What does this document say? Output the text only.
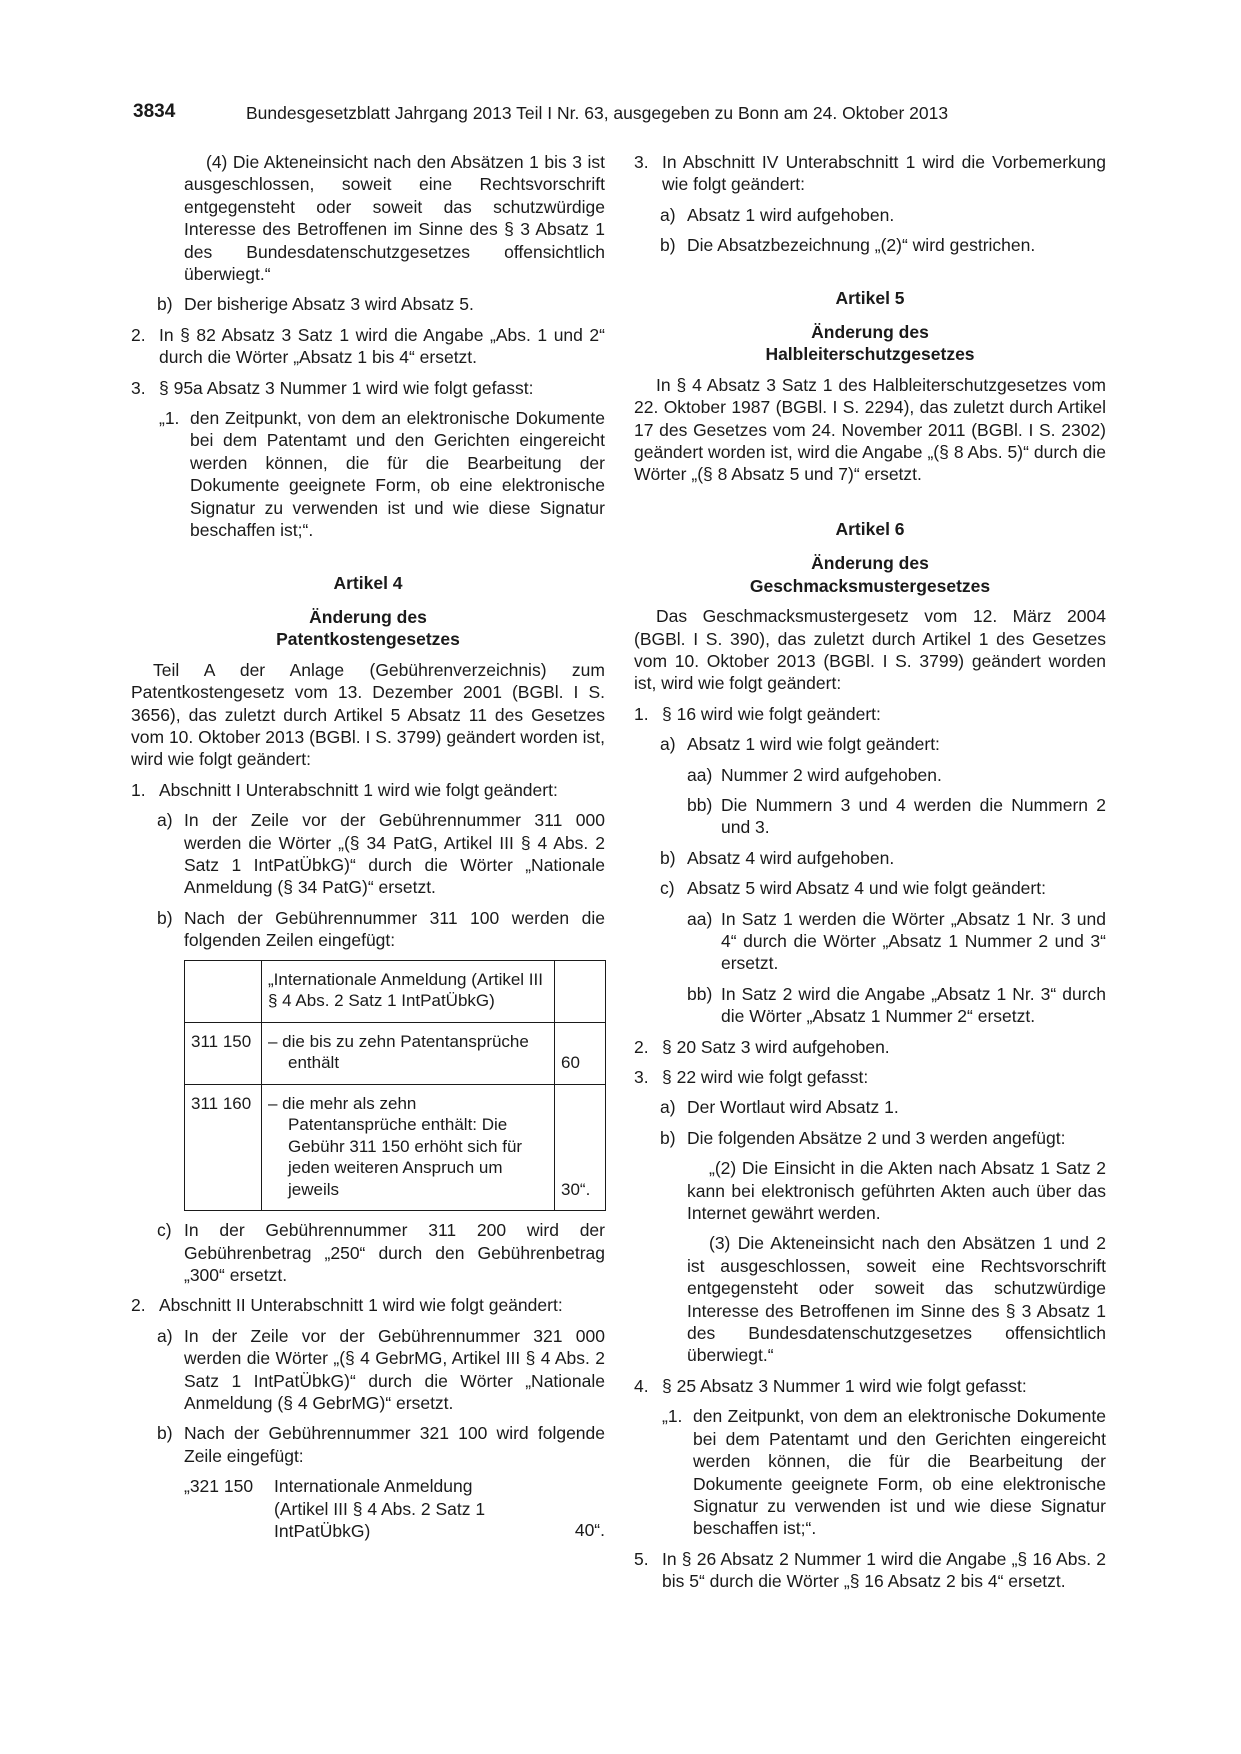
3834	Bundesgesetzblatt Jahrgang 2013 Teil I Nr. 63, ausgegeben zu Bonn am 24. Oktober 2013

(4) Die Akteneinsicht nach den Absätzen 1 bis 3 ist ausgeschlossen, soweit eine Rechtsvorschrift entgegensteht oder soweit das schutzwürdige Interesse des Betroffenen im Sinne des § 3 Absatz 1 des Bundesdatenschutzgesetzes offensichtlich überwiegt.“

b) Der bisherige Absatz 3 wird Absatz 5.
2. In § 82 Absatz 3 Satz 1 wird die Angabe „Abs. 1 und 2“ durch die Wörter „Absatz 1 bis 4“ ersetzt.
3. § 95a Absatz 3 Nummer 1 wird wie folgt gefasst:
„1. den Zeitpunkt, von dem an elektronische Dokumente bei dem Patentamt und den Gerichten eingereicht werden können, die für die Bearbeitung der Dokumente geeignete Form, ob eine elektronische Signatur zu verwenden ist und wie diese Signatur beschaffen ist;“.
Artikel 4
Änderung des
Patentkostengesetzes

Teil A der Anlage (Gebührenverzeichnis) zum Patentkostengesetz vom 13. Dezember 2001 (BGBl. I S. 3656), das zuletzt durch Artikel 5 Absatz 11 des Gesetzes vom 10. Oktober 2013 (BGBl. I S. 3799) geändert worden ist, wird wie folgt geändert:

1. Abschnitt I Unterabschnitt 1 wird wie folgt geändert:
a) In der Zeile vor der Gebührennummer 311 000 werden die Wörter „(§ 34 PatG, Artikel III § 4 Abs. 2 Satz 1 IntPatÜbkG)“ durch die Wörter „Nationale Anmeldung (§ 34 PatG)“ ersetzt.
b) Nach der Gebührennummer 311 100 werden die folgenden Zeilen eingefügt:
	„Internationale Anmeldung (Artikel III § 4 Abs. 2 Satz 1 IntPatÜbkG)	
311 150	– die bis zu zehn Patentansprüche enthält	60
311 160	– die mehr als zehn Patentansprüche enthält: Die Gebühr 311 150 erhöht sich für jeden weiteren Anspruch um jeweils	30“.
c) In der Gebührennummer 311 200 wird der Gebührenbetrag „250“ durch den Gebührenbetrag „300“ ersetzt.
2. Abschnitt II Unterabschnitt 1 wird wie folgt geändert:
a) In der Zeile vor der Gebührennummer 321 000 werden die Wörter „(§ 4 GebrMG, Artikel III § 4 Abs. 2 Satz 1 IntPatÜbkG)“ durch die Wörter „Nationale Anmeldung (§ 4 GebrMG)“ ersetzt.
b) Nach der Gebührennummer 321 100 wird folgende Zeile eingefügt:
„321 150 Internationale Anmeldung (Artikel III § 4 Abs. 2 Satz 1 IntPatÜbkG)	40“.
3. In Abschnitt IV Unterabschnitt 1 wird die Vorbemerkung wie folgt geändert:
a) Absatz 1 wird aufgehoben.
b) Die Absatzbezeichnung „(2)“ wird gestrichen.
Artikel 5
Änderung des
Halbleiterschutzgesetzes

In § 4 Absatz 3 Satz 1 des Halbleiterschutzgesetzes vom 22. Oktober 1987 (BGBl. I S. 2294), das zuletzt durch Artikel 17 des Gesetzes vom 24. November 2011 (BGBl. I S. 2302) geändert worden ist, wird die Angabe „(§ 8 Abs. 5)“ durch die Wörter „(§ 8 Absatz 5 und 7)“ ersetzt.

Artikel 6
Änderung des
Geschmacksmustergesetzes

Das Geschmacksmustergesetz vom 12. März 2004 (BGBl. I S. 390), das zuletzt durch Artikel 1 des Gesetzes vom 10. Oktober 2013 (BGBl. I S. 3799) geändert worden ist, wird wie folgt geändert:

1. § 16 wird wie folgt geändert:
a) Absatz 1 wird wie folgt geändert:
aa) Nummer 2 wird aufgehoben.
bb) Die Nummern 3 und 4 werden die Nummern 2 und 3.
b) Absatz 4 wird aufgehoben.
c) Absatz 5 wird Absatz 4 und wie folgt geändert:
aa) In Satz 1 werden die Wörter „Absatz 1 Nr. 3 und 4“ durch die Wörter „Absatz 1 Nummer 2 und 3“ ersetzt.
bb) In Satz 2 wird die Angabe „Absatz 1 Nr. 3“ durch die Wörter „Absatz 1 Nummer 2“ ersetzt.
2. § 20 Satz 3 wird aufgehoben.
3. § 22 wird wie folgt gefasst:
a) Der Wortlaut wird Absatz 1.
b) Die folgenden Absätze 2 und 3 werden angefügt:

„(2) Die Einsicht in die Akten nach Absatz 1 Satz 2 kann bei elektronisch geführten Akten auch über das Internet gewährt werden.

(3) Die Akteneinsicht nach den Absätzen 1 und 2 ist ausgeschlossen, soweit eine Rechtsvorschrift entgegensteht oder soweit das schutzwürdige Interesse des Betroffenen im Sinne des § 3 Absatz 1 des Bundesdatenschutzgesetzes offensichtlich überwiegt.“

4. § 25 Absatz 3 Nummer 1 wird wie folgt gefasst:
„1. den Zeitpunkt, von dem an elektronische Dokumente bei dem Patentamt und den Gerichten eingereicht werden können, die für die Bearbeitung der Dokumente geeignete Form, ob eine elektronische Signatur zu verwenden ist und wie diese Signatur beschaffen ist;“.
5. In § 26 Absatz 2 Nummer 1 wird die Angabe „§ 16 Abs. 2 bis 5“ durch die Wörter „§ 16 Absatz 2 bis 4“ ersetzt.
